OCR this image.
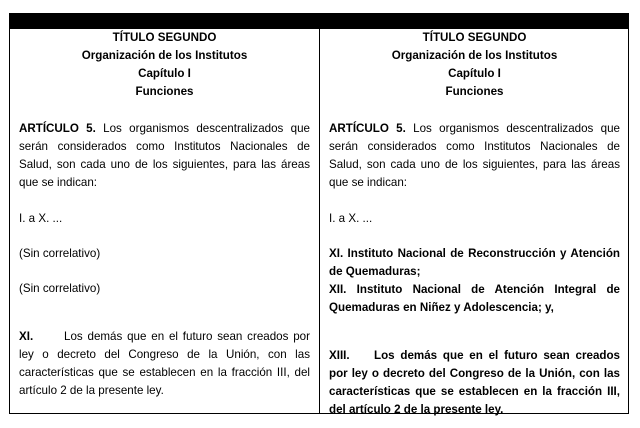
TÍTULO SEGUNDO
Organización de los Institutos
Capítulo I
Funciones
ARTÍCULO 5. Los organismos descentralizados que serán considerados como Institutos Nacionales de Salud, son cada uno de los siguientes, para las áreas que se indican:
I. a X. ...
(Sin correlativo)
(Sin correlativo)
XI.	Los demás que en el futuro sean creados por ley o decreto del Congreso de la Unión, con las características que se establecen en la fracción III, del artículo 2 de la presente ley.
TÍTULO SEGUNDO
Organización de los Institutos
Capítulo I
Funciones
ARTÍCULO 5. Los organismos descentralizados que serán considerados como Institutos Nacionales de Salud, son cada uno de los siguientes, para las áreas que se indican:
I. a X. ...
XI. Instituto Nacional de Reconstrucción y Atención de Quemaduras;
XII. Instituto Nacional de Atención Integral de Quemaduras en Niñez y Adolescencia; y,
XIII. Los demás que en el futuro sean creados por ley o decreto del Congreso de la Unión, con las características que se establecen en la fracción III, del artículo 2 de la presente ley.
